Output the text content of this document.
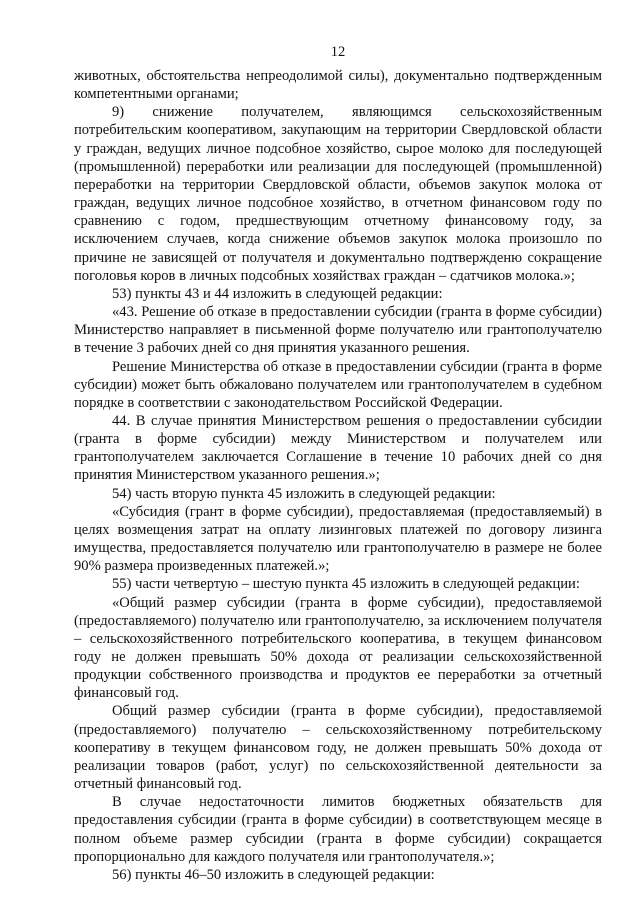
12

животных, обстоятельства непреодолимой силы), документально подтвержденным компетентными органами;

9) снижение получателем, являющимся сельскохозяйственным потребительским кооперативом, закупающим на территории Свердловской области у граждан, ведущих личное подсобное хозяйство, сырое молоко для последующей (промышленной) переработки или реализации для последующей (промышленной) переработки на территории Свердловской области, объемов закупок молока от граждан, ведущих личное подсобное хозяйство, в отчетном финансовом году по сравнению с годом, предшествующим отчетному финансовому году, за исключением случаев, когда снижение объемов закупок молока произошло по причине не зависящей от получателя и документально подтвержденю сокращение поголовья коров в личных подсобных хозяйствах граждан – сдатчиков молока.»;

53) пункты 43 и 44 изложить в следующей редакции:

«43. Решение об отказе в предоставлении субсидии (гранта в форме субсидии) Министерство направляет в письменной форме получателю или грантополучателю в течение 3 рабочих дней со дня принятия указанного решения.

Решение Министерства об отказе в предоставлении субсидии (гранта в форме субсидии) может быть обжаловано получателем или грантополучателем в судебном порядке в соответствии с законодательством Российской Федерации.

44. В случае принятия Министерством решения о предоставлении субсидии (гранта в форме субсидии) между Министерством и получателем или грантополучателем заключается Соглашение в течение 10 рабочих дней со дня принятия Министерством указанного решения.»;

54) часть вторую пункта 45 изложить в следующей редакции:

«Субсидия (грант в форме субсидии), предоставляемая (предоставляемый) в целях возмещения затрат на оплату лизинговых платежей по договору лизинга имущества, предоставляется получателю или грантополучателю в размере не более 90% размера произведенных платежей.»;

55) части четвертую – шестую пункта 45 изложить в следующей редакции:

«Общий размер субсидии (гранта в форме субсидии), предоставляемой (предоставляемого) получателю или грантополучателю, за исключением получателя – сельскохозяйственного потребительского кооператива, в текущем финансовом году не должен превышать 50% дохода от реализации сельскохозяйственной продукции собственного производства и продуктов ее переработки за отчетный финансовый год.

Общий размер субсидии (гранта в форме субсидии), предоставляемой (предоставляемого) получателю – сельскохозяйственному потребительскому кооперативу в текущем финансовом году, не должен превышать 50% дохода от реализации товаров (работ, услуг) по сельскохозяйственной деятельности за отчетный финансовый год.

В случае недостаточности лимитов бюджетных обязательств для предоставления субсидии (гранта в форме субсидии) в соответствующем месяце в полном объеме размер субсидии (гранта в форме субсидии) сокращается пропорционально для каждого получателя или грантополучателя.»;

56) пункты 46–50 изложить в следующей редакции:
